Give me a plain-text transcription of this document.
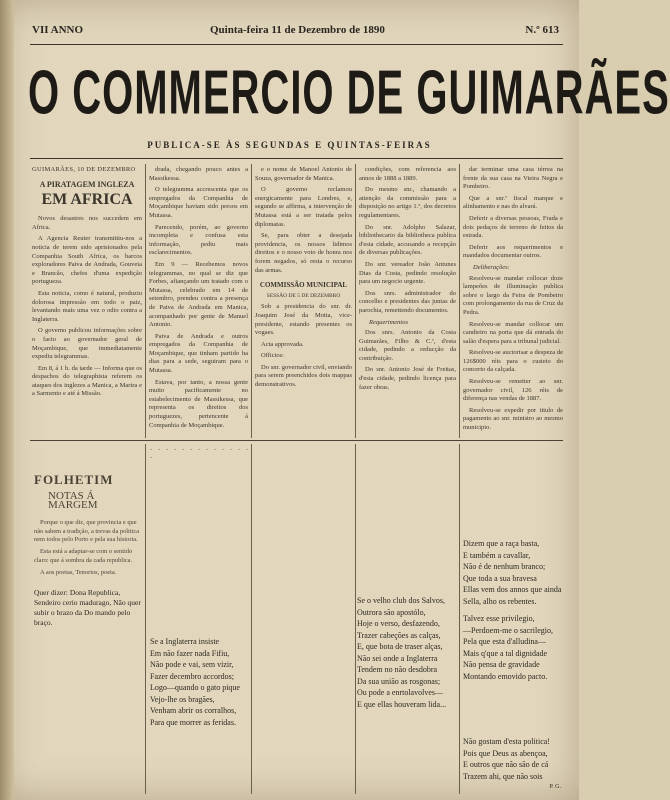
VII ANNO	Quinta-feira 11 de Dezembro de 1890	N.º 613
O COMMERCIO DE GUIMARÃES
PUBLICA-SE ÀS SEGUNDAS E QUINTAS-FEIRAS
GUIMARÃES, 10 DE DEZEMBRO
A PIRATAGEM INGLEZA
EM AFRICA

Novos desastres nos succedem em Africa.

A Agencia Reuter transmittiu-nos a noticia de terem sido aprisionados pela Companhia South Africa, os barcos exploradores Paiva de Andrada, Gouveia e Brancâo, chefes d'uma expedição portugueza.

Esta noticia, como é natural, produziu dolorosa impressão em todo o paiz, levantando mais uma vez o odio contra a Inglaterra.

O governo publicou informações sobre o facto ao governador geral de Moçambique, que immediatamente expediu telegrammas.

Em 8, á 1 h. da tarde — Informa que os despachos do telegraphista referem os ataques dos inglezes a Manica, a Marira e a Sarmento e até á Missão.

drada, chegando pouco antes a Massikessa.

O telegramma accrescenta que os empregados da Companhia de Moçambique haviam sido presos em Mutassa.

Parecendo, porém, ao governo incompleta e confusa esta informação, pediu mais esclarecimentos.

Em 9 — Recebemos novos telegrammas, no qual se diz que Forbes, afiançando um tratado com o Mutassa, celebrado em 14 de setembro, prendeu contra a presença de Paiva de Andrada em Manica, acompanhado por gente de Manuel Antonio.

Paiva de Andrada e outros empregados da Companhia de Moçambique, que tinham partido ha dias para a sede, seguiram para o Mutassa.

Estava, por tanto, a nossa gente muito pacificamente no estabelecimento de Massikessa, que representa os direitos dos portuguezes, pertencente á Companhia de Moçambique.

e o nome de Manoel Antonio de Souza, governador de Manica.

O governo reclamou energicamente para Londres, e, segundo se affirma, a intervenção de Mutassa está a ser tratada pelos diplomatas.

Se, para obter a desejada providencia, os nossos lidimos direitos e o nosso voto de honra nos forem negados, só resta o recurso das armas.

COMMISSÃO MUNICIPAL
SESSÃO DE 5 DE DEZEMBRO

Sob a presidencia do snr. dr. Joaquim José da Motta, vice-presidente, estando presentes os vogaes.

Acta approvada.

Officios:

Do snr. governador civil, enviando para serem preenchidos dois mappas demonstrativos.

condições, com referencia aos annos de 1888 a 1889.

Do mesmo snr., chamando a attenção da commissão para a disposição no artigo 1.º, dos decretos regulamentares.

Do snr. Adolpho Salazar, bibliothecario da bibliotheca publica d'esta cidade, accusando a recepção de diversas publicações.

Do snr. vereador João Antunes Dias da Costa, pedindo resolução para um negocio urgente.

Dos snrs. administrador do concelho e presidentes das juntas de parochia, remettendo documentos.

Requerimentos

Dos snrs. Antonio da Costa Guimarães, Filho & C.ª, d'esta cidade, pedindo a reducção da contribuição.

Do snr. Antonio José de Freitas, d'esta cidade, pedindo licença para fazer obras.

dar terminar uma casa térrea na frente da sua casa na Vieira Negra e Pombeiro.

Que a snr.ª fiscal marque e alinhamento e nas do alvará.

Deferir a diversas pessoas, Frada e dois pedaços de terreno de feitos da estrada.

Deferir aos requerimentos e mandados documentar outros.

Deliberações:

Resolveu-se mandar collocar doze lampeões de illuminação publica sobre o largo da Feira de Pombeiro com prolongamento da rua de Cruz da Pedra.

Resolveu-se mandar collocar um candieiro na porta que dá entrada do salão d'espera para a tribunal judicial.

Resolveu-se auctorisar a despeza de 126$000 réis para o custeio do concerto da calçada.

Resolveu-se remetter ao snr. governador civil, 126 réis de diferença nas vendas de 1887.

Resolveu-se expedir por titulo de pagamento ao snr. ministro ao mesmo municipio.

FOLHETIM
NOTAS Á MARGEM

Porque o que diz, que provincia e que não sabem a tradição, a trevas da politica nem todos pelo Porto e pela sua historia.

Esta está a adaptar-se com o sentido claro: que á sombra da cada republica.

A aos poetas, Tenorios, poeta.

Quer dizer: Dona Republica, Sendeiro cerio madurago, Não quer subir o brazo da Do mando pelo braço.

- - - - - - - - - - - - - -
Se a Inglaterra insiste
Em não fazer nada Fifiu,
Não pode e vai, sem vizir,
Fazer decembro accordos;
Logo—quando o gato pique
Vejo-lhe os bragães,
Venham abrir os corralhos,
Para que morrer as feridas.
Se o velho club dos Salvos,
Outrora são apostólo,
Hoje o verso, desfazendo,
Trazer cabeções as calças,
E, que bota de traser alças,
Não sei onde a Inglaterra
Tendem no não desdobra
Da sua união as rosgonas;
Ou pode a enrtolavolves—
E que ellas houveram lida...
Dizem que a raça basta,
E também a cavallar,
Não é de nenhum branco;
Que toda a sua bravesa
Ellas vem dos annos que ainda
Sella, alho os rebentes.
Talvez esse privilegio,
—Perdoem-me o sacrilegio,
Pela que esta d'alludina—
Mais q'que a tal dignidade
Não pensa de gravidade
Montando emovido pacto.
Não gostam d'esta politica!
Pois que Deus as abençoa,
E outros que não são de cá
Trazem ahi, que não sois
P. G.
